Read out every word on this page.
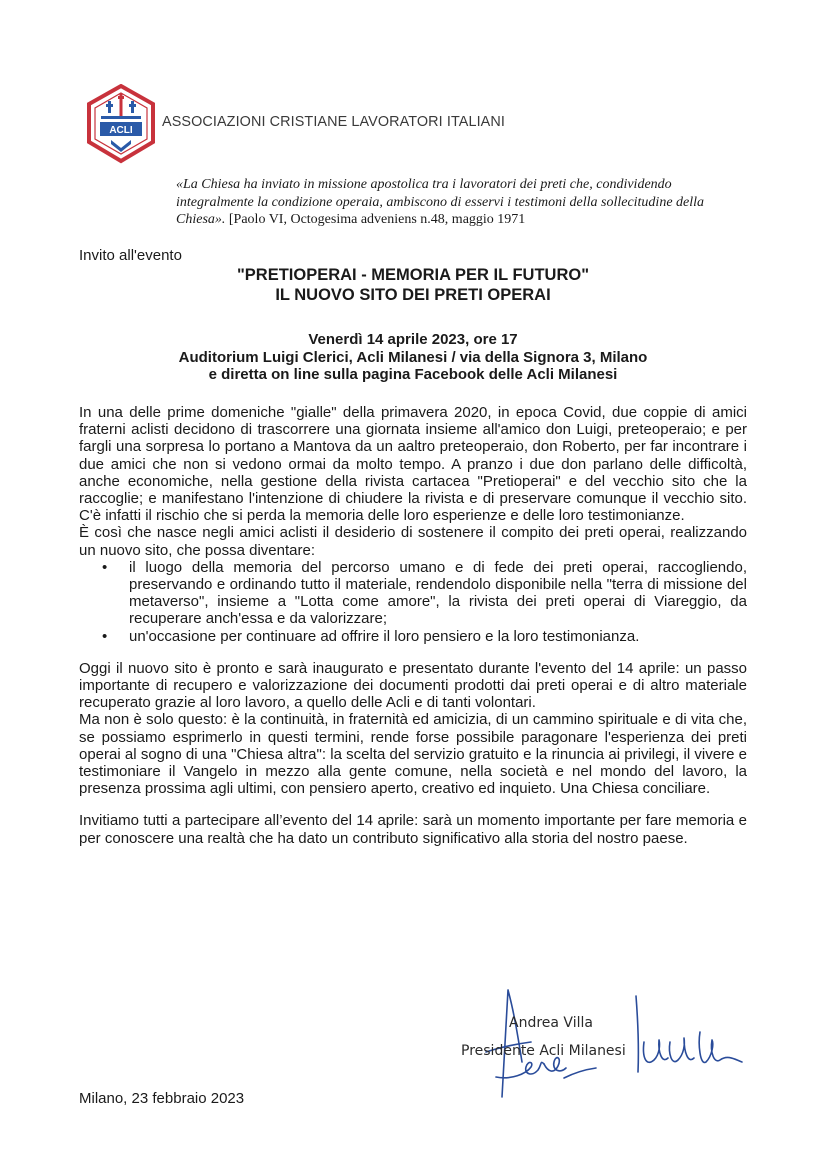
ACLI
ASSOCIAZIONI CRISTIANE LAVORATORI ITALIANI
«La Chiesa ha inviato in missione apostolica tra i lavoratori dei preti che, condividendo integralmente la condizione operaia, ambiscono di esservi i testimoni della sollecitudine della Chiesa». [Paolo VI, Octogesima adveniens n.48, maggio 1971
Invito all'evento
"PRETIOPERAI - MEMORIA PER IL FUTURO"
IL NUOVO SITO DEI PRETI OPERAI
Venerdì 14 aprile 2023, ore 17
Auditorium Luigi Clerici, Acli Milanesi / via della Signora 3, Milano
e diretta on line sulla pagina Facebook delle Acli Milanesi

In una delle prime domeniche "gialle" della primavera 2020, in epoca Covid, due coppie di amici fraterni aclisti decidono di trascorrere una giornata insieme all'amico don Luigi, preteoperaio; e per fargli una sorpresa lo portano a Mantova da un aaltro preteoperaio, don Roberto, per far incontrare i due amici che non si vedono ormai da molto tempo. A pranzo i due don parlano delle difficoltà, anche economiche, nella gestione della rivista cartacea "Pretioperai" e del vecchio sito che la raccoglie; e manifestano l'intenzione di chiudere la rivista e di preservare comunque il vecchio sito. C'è infatti il rischio che si perda la memoria delle loro esperienze e delle loro testimonianze.

È così che nasce negli amici aclisti il desiderio di sostenere il compito dei preti operai, realizzando un nuovo sito, che possa diventare:

• il luogo della memoria del percorso umano e di fede dei preti operai, raccogliendo, preservando e ordinando tutto il materiale, rendendolo disponibile nella "terra di missione del metaverso", insieme a "Lotta come amore", la rivista dei preti operai di Viareggio, da recuperare anch'essa e da valorizzare;
• un'occasione per continuare ad offrire il loro pensiero e la loro testimonianza.

Oggi il nuovo sito è pronto e sarà inaugurato e presentato durante l'evento del 14 aprile: un passo importante di recupero e valorizzazione dei documenti prodotti dai preti operai e di altro materiale recuperato grazie al loro lavoro, a quello delle Acli e di tanti volontari.

Ma non è solo questo: è la continuità, in fraternità ed amicizia, di un cammino spirituale e di vita che, se possiamo esprimerlo in questi termini, rende forse possibile paragonare l'esperienza dei preti operai al sogno di una "Chiesa altra": la scelta del servizio gratuito e la rinuncia ai privilegi, il vivere e testimoniare il Vangelo in mezzo alla gente comune, nella società e nel mondo del lavoro, la presenza prossima agli ultimi, con pensiero aperto, creativo ed inquieto. Una Chiesa conciliare.

Invitiamo tutti a partecipare all’evento del 14 aprile: sarà un momento importante per fare memoria e per conoscere una realtà che ha dato un contributo significativo alla storia del nostro paese.

Andrea Villa
Presidente Acli Milanesi
Milano, 23 febbraio 2023
